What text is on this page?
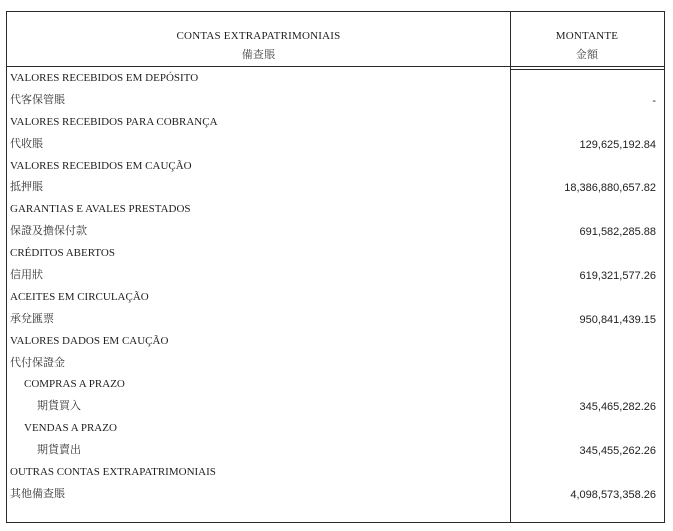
CONTAS EXTRAPATRIMONIAIS
備查賬
MONTANTE
金額
VALORES RECEBIDOS EM DEPÓSITO
代客保管賬	-
VALORES RECEBIDOS PARA COBRANÇA
代收賬	129,625,192.84
VALORES RECEBIDOS EM CAUÇÃO
抵押賬	18,386,880,657.82
GARANTIAS E AVALES PRESTADOS
保證及擔保付款	691,582,285.88
CRÉDITOS ABERTOS
信用狀	619,321,577.26
ACEITES EM CIRCULAÇÃO
承兌匯票	950,841,439.15
VALORES DADOS EM CAUÇÃO
代付保證金
COMPRAS A PRAZO
期貨買入	345,465,282.26
VENDAS A PRAZO
期貨賣出	345,455,262.26
OUTRAS CONTAS EXTRAPATRIMONIAIS
其他備查賬	4,098,573,358.26
